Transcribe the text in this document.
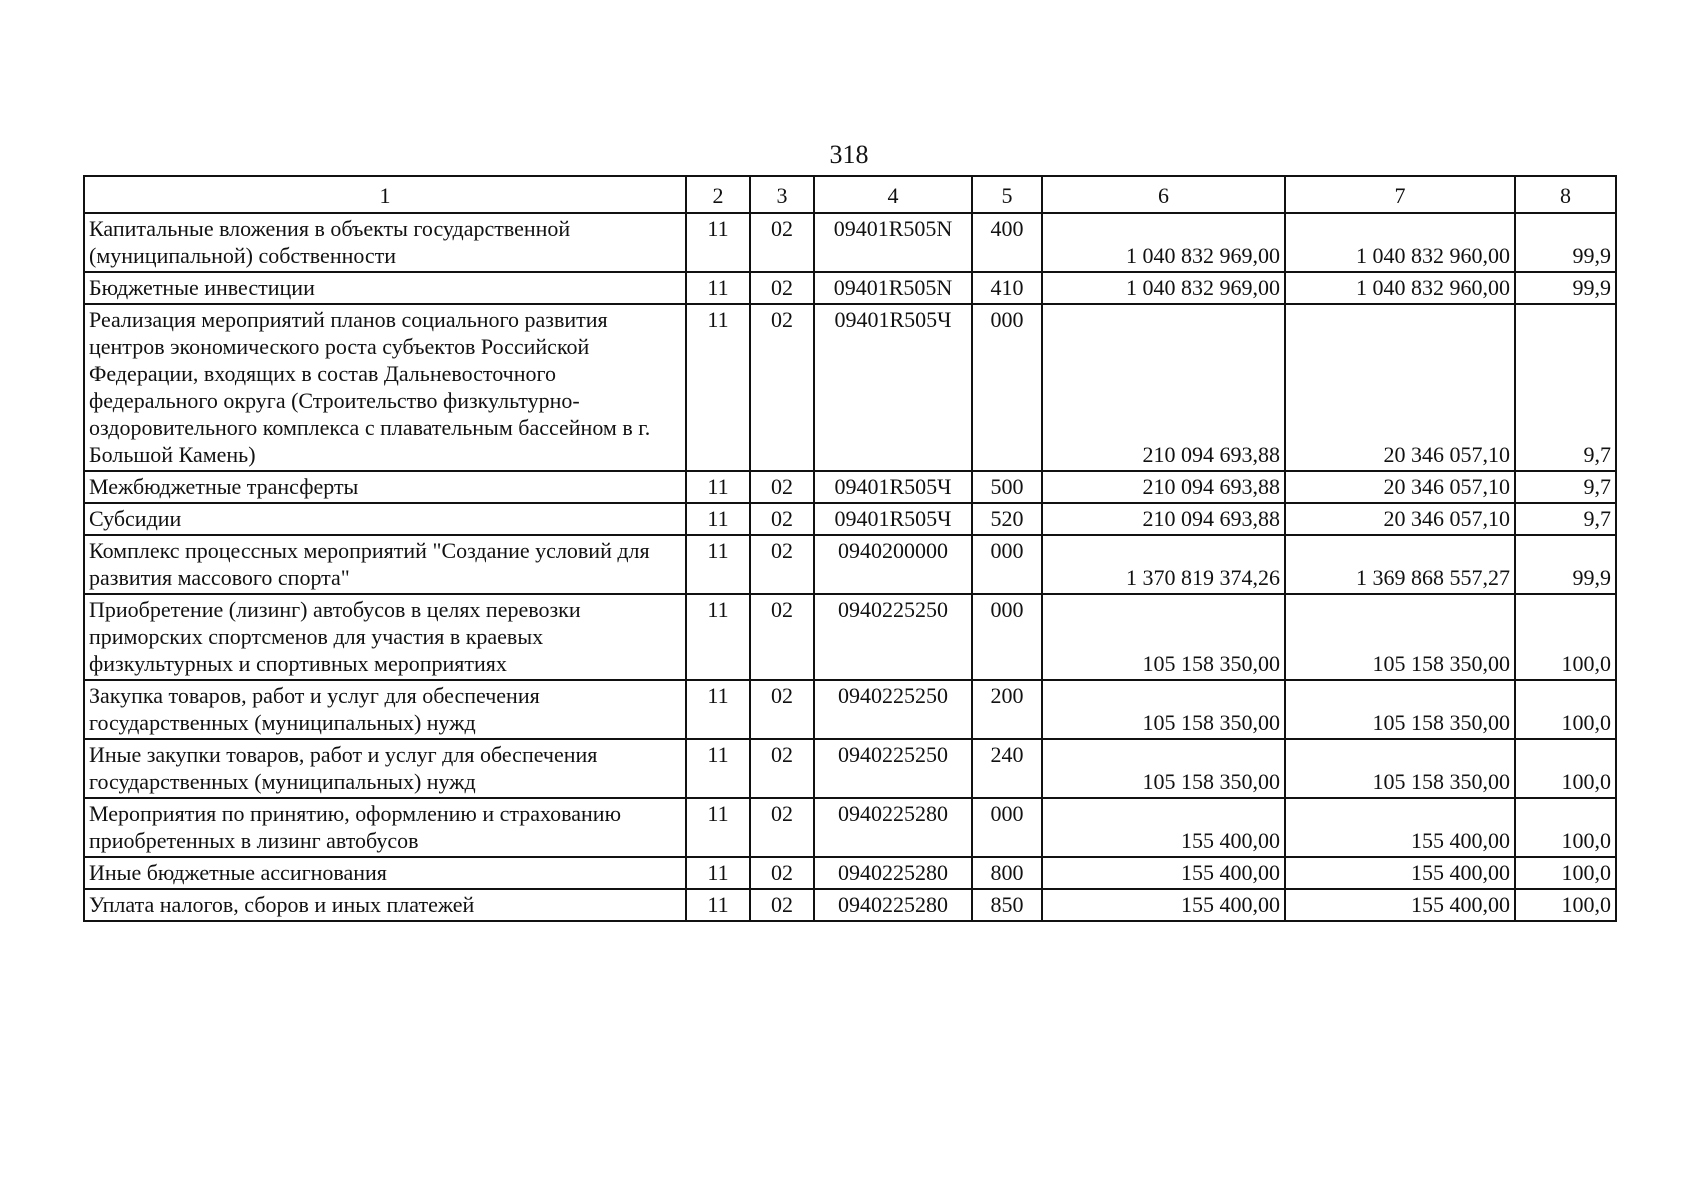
318
1	2	3	4	5	6	7	8
Капитальные вложения в объекты государственной (муниципальной) собственности	11	02	09401R505N	400	1 040 832 969,00	1 040 832 960,00	99,9
Бюджетные инвестиции	11	02	09401R505N	410	1 040 832 969,00	1 040 832 960,00	99,9
Реализация мероприятий планов социального развития центров экономического роста субъектов Российской Федерации, входящих в состав Дальневосточного федерального округа (Строительство физкультурно-оздоровительного комплекса с плавательным бассейном в г. Большой Камень)	11	02	09401R505Ч	000	210 094 693,88	20 346 057,10	9,7
Межбюджетные трансферты	11	02	09401R505Ч	500	210 094 693,88	20 346 057,10	9,7
Субсидии	11	02	09401R505Ч	520	210 094 693,88	20 346 057,10	9,7
Комплекс процессных мероприятий "Создание условий для развития массового спорта"	11	02	0940200000	000	1 370 819 374,26	1 369 868 557,27	99,9
Приобретение (лизинг) автобусов в целях перевозки приморских спортсменов для участия в краевых физкультурных и спортивных мероприятиях	11	02	0940225250	000	105 158 350,00	105 158 350,00	100,0
Закупка товаров, работ и услуг для обеспечения государственных (муниципальных) нужд	11	02	0940225250	200	105 158 350,00	105 158 350,00	100,0
Иные закупки товаров, работ и услуг для обеспечения государственных (муниципальных) нужд	11	02	0940225250	240	105 158 350,00	105 158 350,00	100,0
Мероприятия по принятию, оформлению и страхованию приобретенных в лизинг автобусов	11	02	0940225280	000	155 400,00	155 400,00	100,0
Иные бюджетные ассигнования	11	02	0940225280	800	155 400,00	155 400,00	100,0
Уплата налогов, сборов и иных платежей	11	02	0940225280	850	155 400,00	155 400,00	100,0
